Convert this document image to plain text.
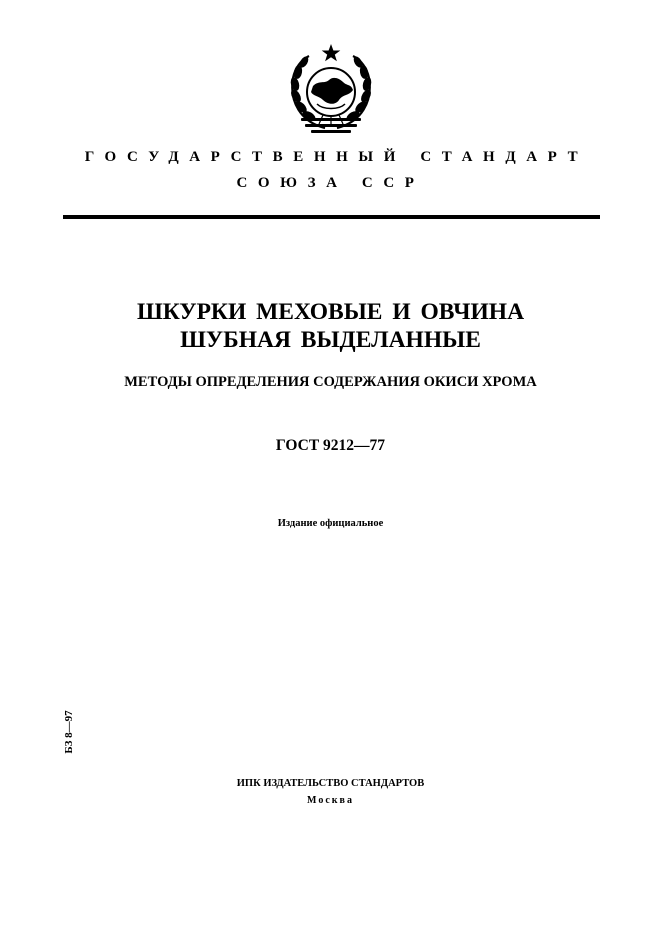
ГОСУДАРСТВЕННЫЙ СТАНДАРТ
СОЮЗА ССР
ШКУРКИ МЕХОВЫЕ И ОВЧИНА
ШУБНАЯ ВЫДЕЛАННЫЕ
МЕТОДЫ ОПРЕДЕЛЕНИЯ СОДЕРЖАНИЯ ОКИСИ ХРОМА
ГОСТ 9212—77
Издание официальное
БЗ 8—97
ИПК ИЗДАТЕЛЬСТВО СТАНДАРТОВ
Москва
